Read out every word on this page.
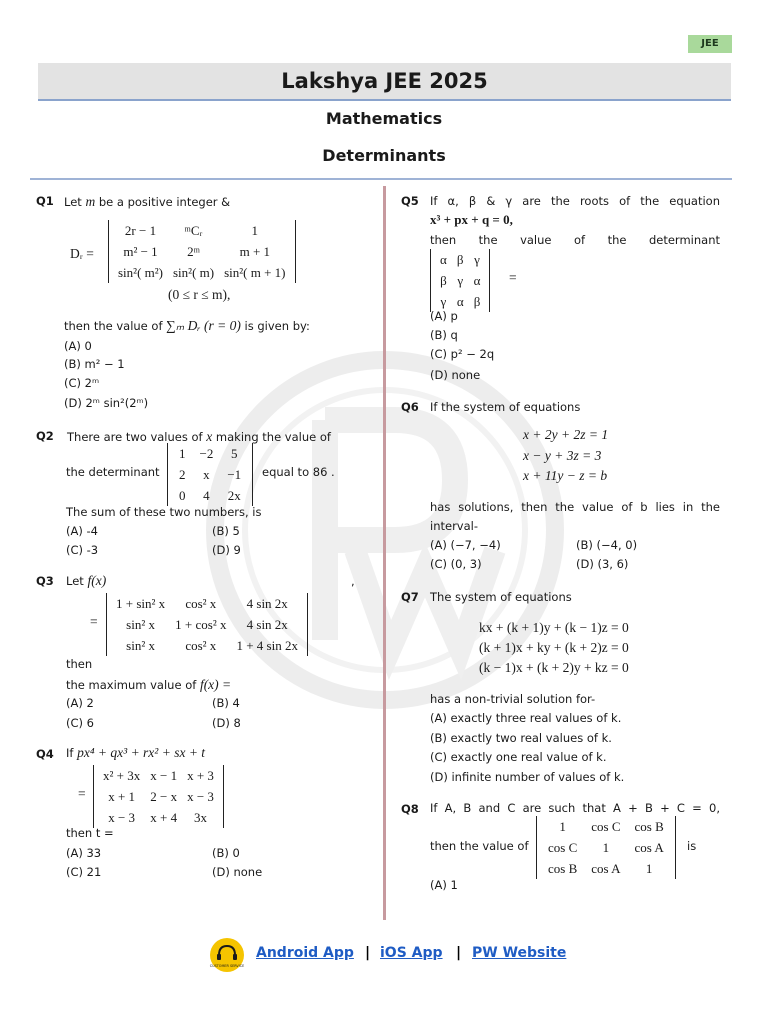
JEE
Lakshya JEE 2025
Mathematics
Determinants
Q1 Let m be a positive integer &
Dᵣ =
2r − 1	ᵐCᵣ	1
m² − 1	2ᵐ	m + 1
sin²( m²)	sin²( m)	sin²( m + 1)
(0 ≤ r ≤ m),
then the value of ∑ₘ Dᵣ (r = 0) is given by:
(A) 0
(B) m² − 1
(C) 2ᵐ
(D) 2ᵐ sin²(2ᵐ)
Q2 There are two values of x making the value of
the determinant
1	−2	5
2	x	−1
0	4	2x
equal to 86 .
The sum of these two numbers, is
(A) -4	(B) 5
(C) -3	(D) 9
Q3 Let f(x)	,
=
1 + sin² x	cos² x	4 sin 2x
sin² x	1 + cos² x	4 sin 2x
sin² x	cos² x	1 + 4 sin 2x
then
the maximum value of f(x) =
(A) 2	(B) 4
(C) 6	(D) 8
Q4 If px⁴ + qx³ + rx² + sx + t
=
x² + 3x	x − 1	x + 3
x + 1	2 − x	x − 3
x − 3	x + 4	3x
then t =
(A) 33	(B) 0
(C) 21	(D) none
Q5 If α, β & γ are the roots of the equation
x³ + px + q = 0,
then the value of the determinant
α	β	γ
β	γ	α
γ	α	β
=
(A) p
(B) q
(C) p² − 2q
(D) none
Q6 If the system of equations
x + 2y + 2z = 1
x − y + 3z = 3
x + 11y − z = b
has solutions, then the value of b lies in the
interval-
(A) (−7, −4)	(B) (−4, 0)
(C) (0, 3)	(D) (3, 6)
Q7 The system of equations
kx + (k + 1)y + (k − 1)z = 0
(k + 1)x + ky + (k + 2)z = 0
(k − 1)x + (k + 2)y + kz = 0
has a non-trivial solution for-
(A) exactly three real values of k.
(B) exactly two real values of k.
(C) exactly one real value of k.
(D) infinite number of values of k.
Q8 If A, B and C are such that A + B + C = 0,
then the value of
1	cos C	cos B
cos C	1	cos A
cos B	cos A	1
is
(A) 1
CUSTOMER SERVICE
Android App | iOS App | PW Website
